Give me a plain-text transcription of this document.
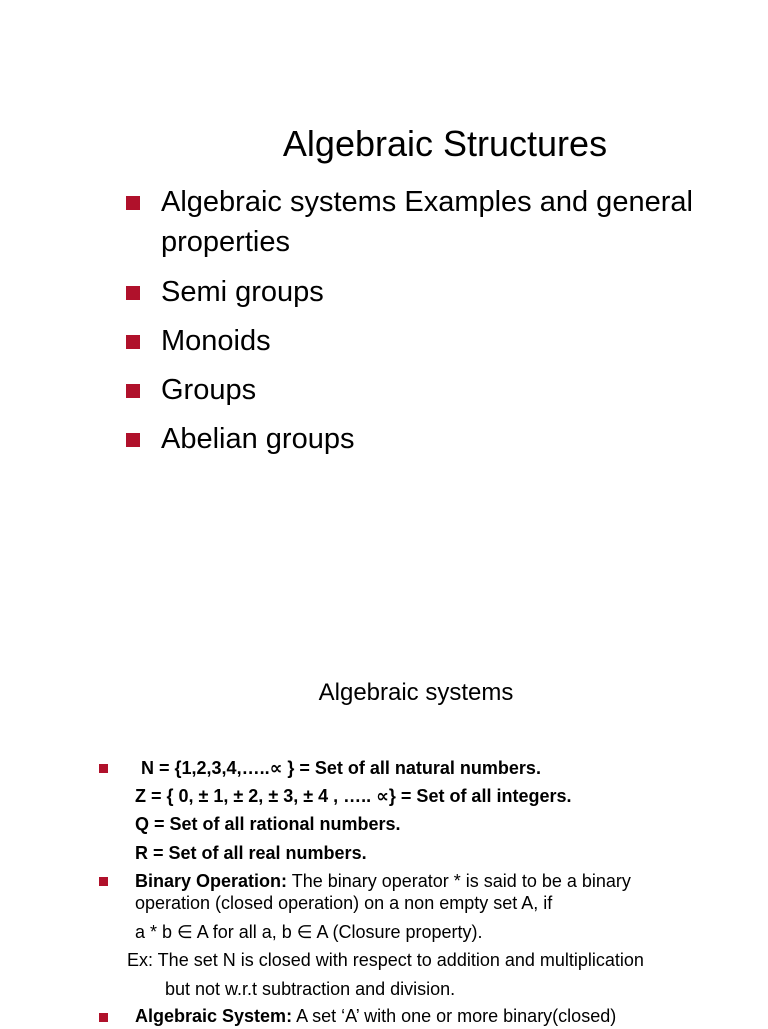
Algebraic Structures
Algebraic systems Examples and general
properties
Semi groups
Monoids
Groups
Abelian groups
Algebraic systems
N = {1,2,3,4,…..∝ } = Set of all natural numbers.
Z = { 0, ± 1, ± 2, ± 3, ± 4 , ….. ∝} = Set of all integers.
Q = Set of all rational numbers.
R = Set of all real numbers.
Binary Operation: The binary operator * is said to be a binary
operation (closed operation) on a non empty set A, if
a * b ∈ A for all a, b ∈ A (Closure property).
Ex: The set N is closed with respect to addition and multiplication
but not w.r.t subtraction and division.
Algebraic System: A set ‘A’ with one or more binary(closed)
